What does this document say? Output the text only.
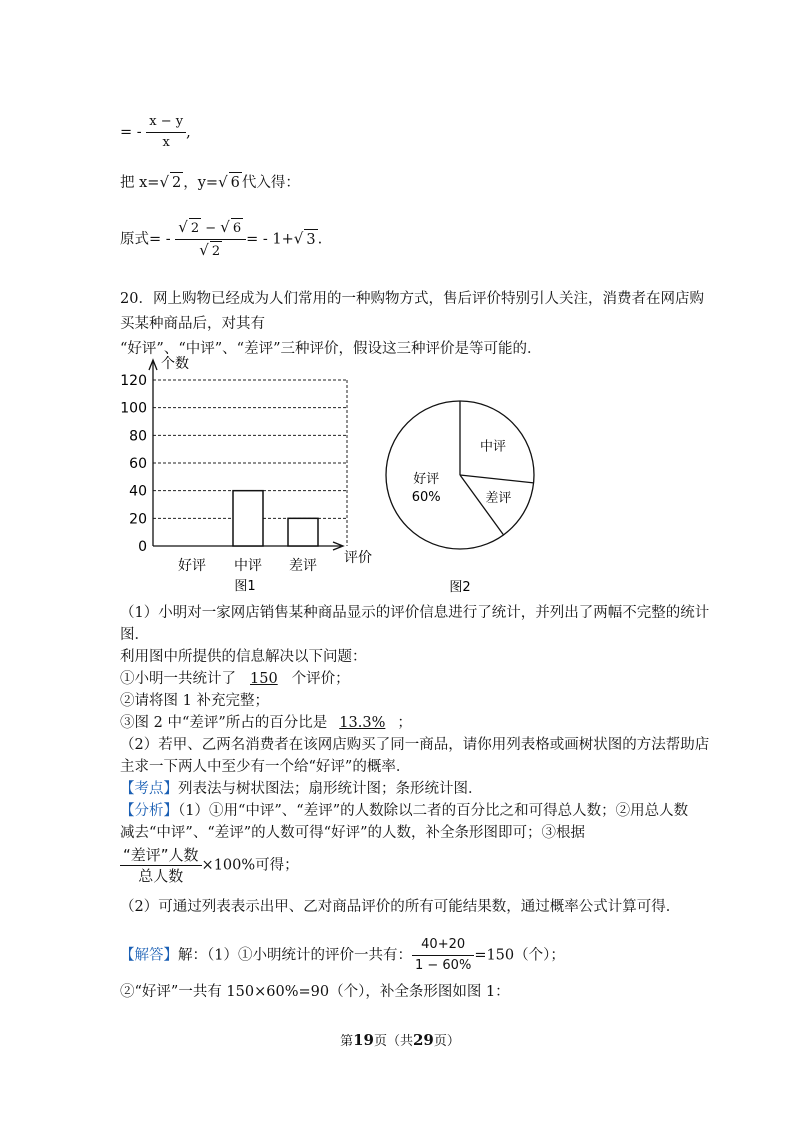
= - $\frac{x - y}{x}$ ,
把 x=√ 2 ，y=√ 6 代入得：
原式= - $\frac{√ 2 - √ 6}{√ 2}$ = - 1+√ 3 .
20．网上购物已经成为人们常用的一种购物方式，售后评价特别引人关注，消费者在网店购
买某种商品后，对其有
“好评”、“中评”、“差评”三种评价，假设这三种评价是等可能的．
0
20
40
60
80
100
120
个数
评价
好评 中评 差评
图1
中评
差评
好评
60%
图2
（1）小明对一家网店销售某种商品显示的评价信息进行了统计，并列出了两幅不完整的统计
图．
利用图中所提供的信息解决以下问题：
①小明一共统计了 150 个评价；
②请将图 1 补充完整；
③图 2 中“差评”所占的百分比是 13.3% ；
（2）若甲、乙两名消费者在该网店购买了同一商品，请你用列表格或画树状图的方法帮助店
主求一下两人中至少有一个给“好评”的概率．
【考点】列表法与树状图法；扇形统计图；条形统计图．
【分析】（1）①用“中评”、“差评”的人数除以二者的百分比之和可得总人数；②用总人数
减去“中评”、“差评”的人数可得“好评”的人数，补全条形图即可；③根据
$\frac{\text{“差评”人数}}{\text{总人数}} \times 100\%$可得；
（2）可通过列表表示出甲、乙对商品评价的所有可能结果数，通过概率公式计算可得．
【解答】解：（1）①小明统计的评价一共有： $\frac{40+20}{1 - 60\%} =150$（个）；
②“好评”一共有 150×60%=90（个），补全条形图如图 1：
第19页（共29页）
